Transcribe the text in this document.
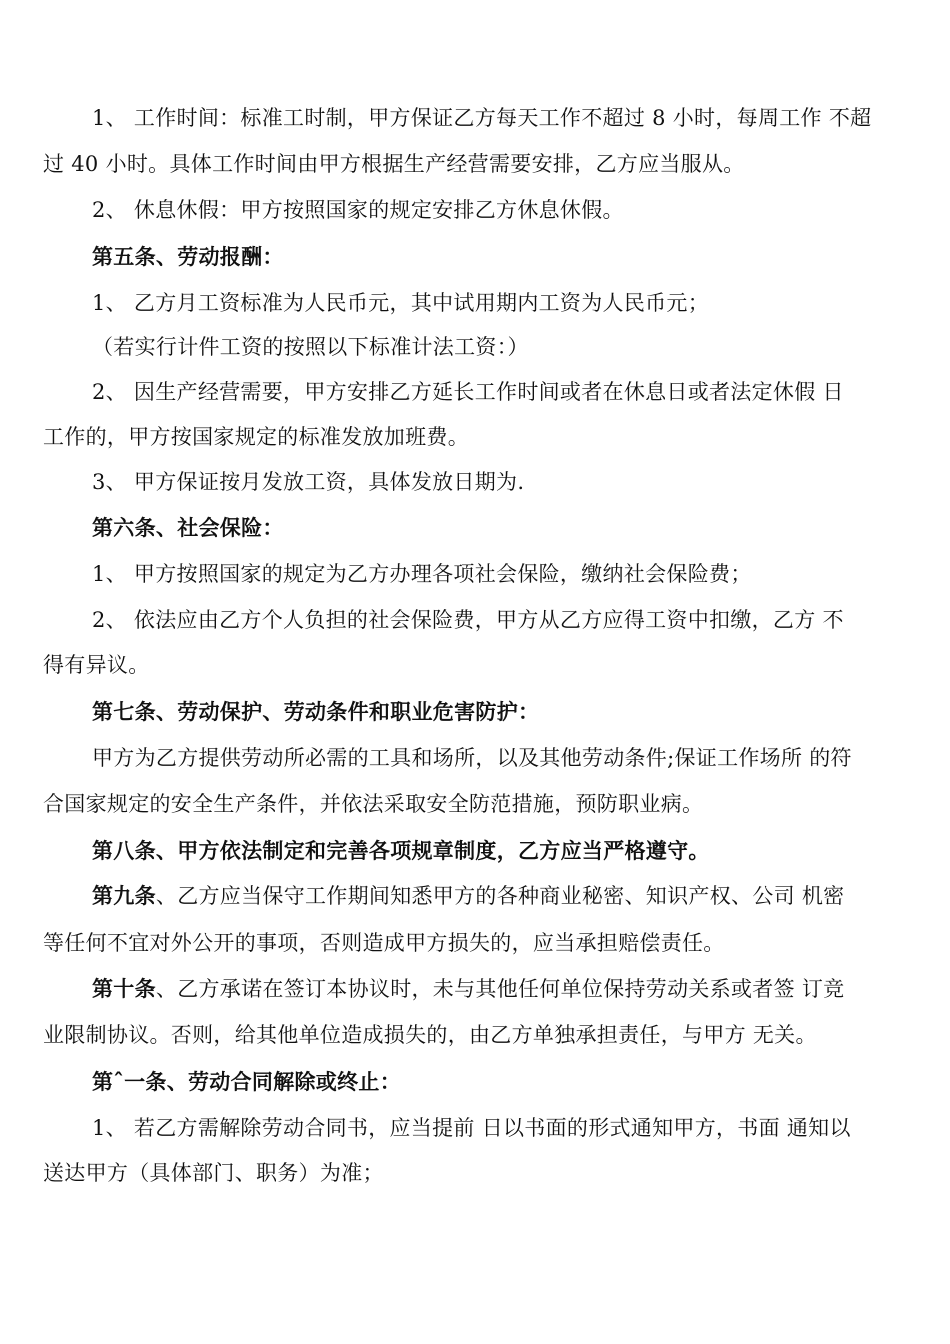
1、 工作时间：标准工时制，甲方保证乙方每天工作不超过 8 小时，每周工作 不超
过 40 小时。具体工作时间由甲方根据生产经营需要安排，乙方应当服从。
2、 休息休假：甲方按照国家的规定安排乙方休息休假。
第五条、劳动报酬：
1、 乙方月工资标准为人民币元，其中试用期内工资为人民币元；
（若实行计件工资的按照以下标准计法工资：）
2、 因生产经营需要，甲方安排乙方延长工作时间或者在休息日或者法定休假 日
工作的，甲方按国家规定的标准发放加班费。
3、 甲方保证按月发放工资，具体发放日期为.
第六条、社会保险：
1、 甲方按照国家的规定为乙方办理各项社会保险，缴纳社会保险费；
2、 依法应由乙方个人负担的社会保险费，甲方从乙方应得工资中扣缴，乙方 不
得有异议。
第七条、劳动保护、劳动条件和职业危害防护：
甲方为乙方提供劳动所必需的工具和场所，以及其他劳动条件;保证工作场所 的符
合国家规定的安全生产条件，并依法采取安全防范措施，预防职业病。
第八条、甲方依法制定和完善各项规章制度，乙方应当严格遵守。
第九条、乙方应当保守工作期间知悉甲方的各种商业秘密、知识产权、公司 机密
等任何不宜对外公开的事项，否则造成甲方损失的，应当承担赔偿责任。
第十条、乙方承诺在签订本协议时，未与其他任何单位保持劳动关系或者签 订竞
业限制协议。否则，给其他单位造成损失的，由乙方单独承担责任，与甲方 无关。
第ˆ一条、劳动合同解除或终止：
1、 若乙方需解除劳动合同书，应当提前 日以书面的形式通知甲方，书面 通知以
送达甲方（具体部门、职务）为准；
